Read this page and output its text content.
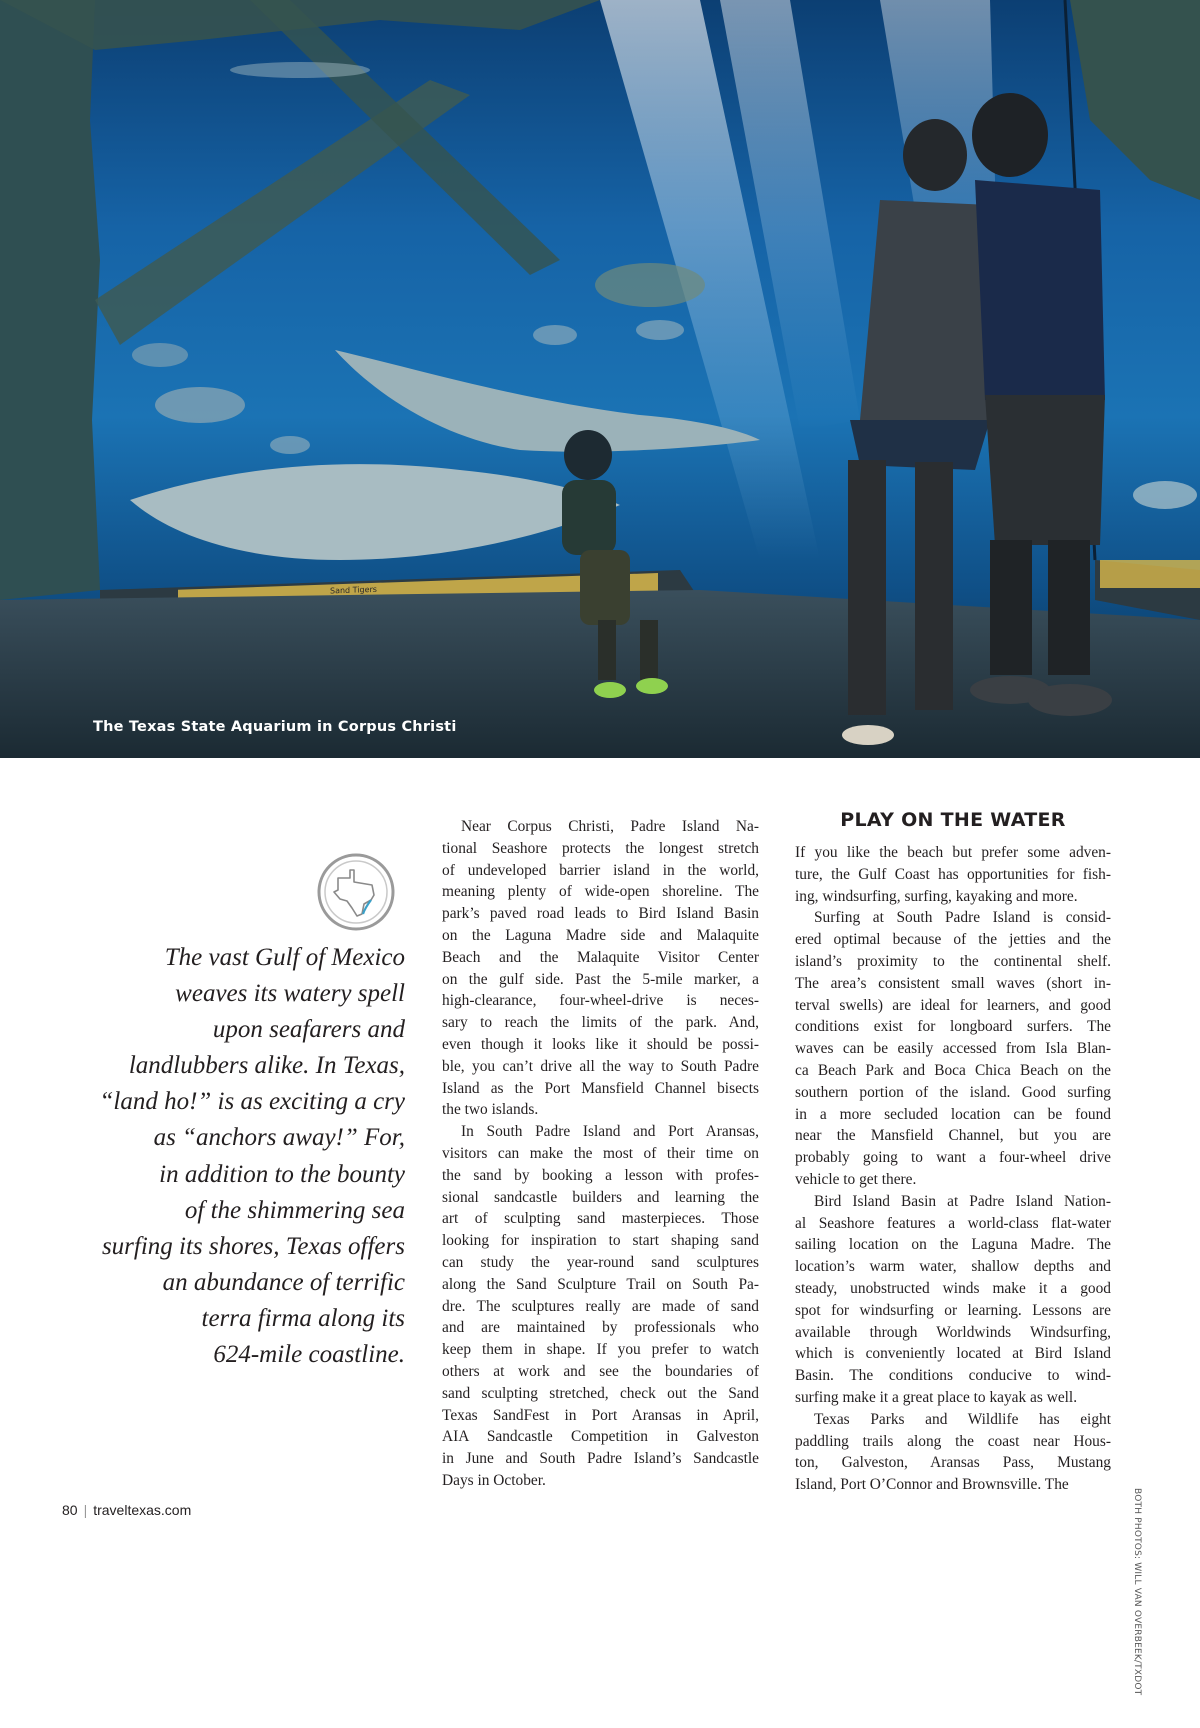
Sand Tigers
The Texas State Aquarium in Corpus Christi
The vast Gulf of Mexico
weaves its watery spell
upon seafarers and
landlubbers alike. In Texas,
“land ho!” is as exciting a cry
as “anchors away!” For,
in addition to the bounty
of the shimmering sea
surfing its shores, Texas offers
an abundance of terrific
terra firma along its
624-mile coastline.
Near Corpus Christi, Padre Island Na-
tional Seashore protects the longest stretch
of undeveloped barrier island in the world,
meaning plenty of wide-open shoreline. The
park’s paved road leads to Bird Island Basin
on the Laguna Madre side and Malaquite
Beach and the Malaquite Visitor Center
on the gulf side. Past the 5-mile marker, a
high-clearance, four-wheel-drive is neces-
sary to reach the limits of the park. And,
even though it looks like it should be possi-
ble, you can’t drive all the way to South Padre
Island as the Port Mansfield Channel bisects
the two islands.
In South Padre Island and Port Aransas,
visitors can make the most of their time on
the sand by booking a lesson with profes-
sional sandcastle builders and learning the
art of sculpting sand masterpieces. Those
looking for inspiration to start shaping sand
can study the year-round sand sculptures
along the Sand Sculpture Trail on South Pa-
dre. The sculptures really are made of sand
and are maintained by professionals who
keep them in shape. If you prefer to watch
others at work and see the boundaries of
sand sculpting stretched, check out the Sand
Texas SandFest in Port Aransas in April,
AIA Sandcastle Competition in Galveston
in June and South Padre Island’s Sandcastle
Days in October.
PLAY ON THE WATER
If you like the beach but prefer some adven-
ture, the Gulf Coast has opportunities for fish-
ing, windsurfing, surfing, kayaking and more.
Surfing at South Padre Island is consid-
ered optimal because of the jetties and the
island’s proximity to the continental shelf.
The area’s consistent small waves (short in-
terval swells) are ideal for learners, and good
conditions exist for longboard surfers. The
waves can be easily accessed from Isla Blan-
ca Beach Park and Boca Chica Beach on the
southern portion of the island. Good surfing
in a more secluded location can be found
near the Mansfield Channel, but you are
probably going to want a four-wheel drive
vehicle to get there.
Bird Island Basin at Padre Island Nation-
al Seashore features a world-class flat-water
sailing location on the Laguna Madre. The
location’s warm water, shallow depths and
steady, unobstructed winds make it a good
spot for windsurfing or learning. Lessons are
available through Worldwinds Windsurfing,
which is conveniently located at Bird Island
Basin. The conditions conducive to wind-
surfing make it a great place to kayak as well.
Texas Parks and Wildlife has eight
paddling trails along the coast near Hous-
ton, Galveston, Aransas Pass, Mustang
Island, Port O’Connor and Brownsville. The
BOTH PHOTOS: WILL VAN OVERBEEK/TXDOT
80 | traveltexas.com
